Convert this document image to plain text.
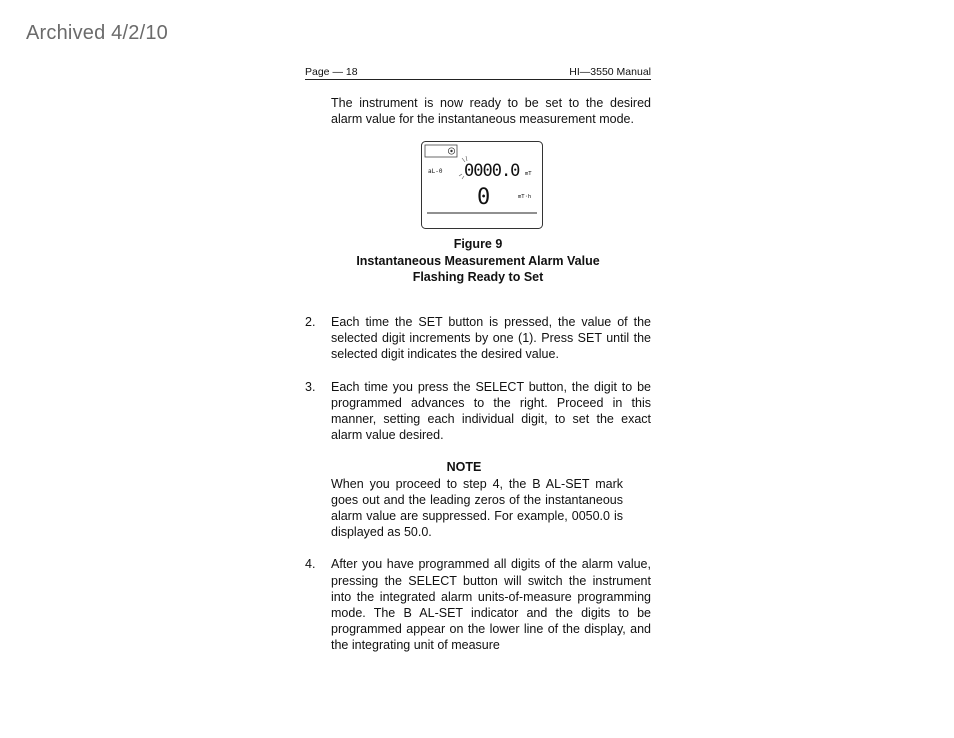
Archived 4/2/10
Page — 18	HI—3550 Manual
The instrument is now ready to be set to the desired alarm value for the instantaneous measurement mode.
aL-0 0000.0 mT
0	mT·h
Figure 9
Instantaneous Measurement Alarm Value
Flashing Ready to Set
2.	Each time the SET button is pressed, the value of the selected digit increments by one (1). Press SET until the selected digit indicates the desired value.
3.	Each time you press the SELECT button, the digit to be programmed advances to the right. Proceed in this manner, setting each individual digit, to set the exact alarm value desired.
NOTE
When you proceed to step 4, the B AL-SET mark goes out and the leading zeros of the instantaneous alarm value are suppressed. For example, 0050.0 is displayed as 50.0.
4.	After you have programmed all digits of the alarm value, pressing the SELECT button will switch the instrument into the integrated alarm units-of-measure programming mode. The B AL-SET indicator and the digits to be programmed appear on the lower line of the display, and the integrating unit of measure
